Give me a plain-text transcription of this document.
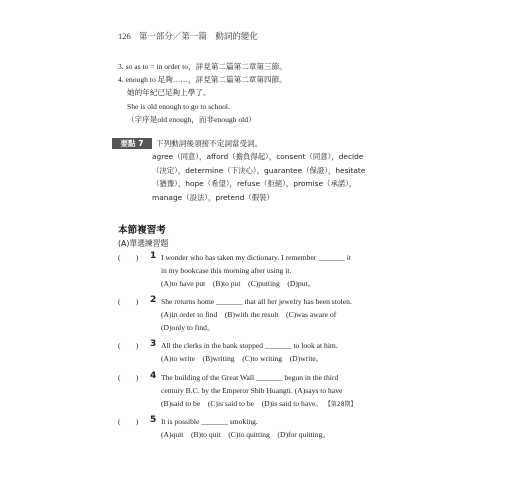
126 第一部分／第一篇　動詞的變化
3. so as to = in order to，詳見第二篇第二章第三節。
4. enough to 足夠……，詳見第二篇第二章第四節。
她的年紀已足夠上學了。
She is old enough to go to school.
（字序是old enough，而非enough old）
要點 7	下列動詞後須接不定詞當受詞。
agree（同意），afford（擔負得起），consent（同意），decide
（決定），determine（下決心），guarantee（保證），hesitate
（猶豫），hope（希望），refuse（拒絕），promise（承諾），
manage（設法），pretend（假裝）
本節複習考
(A)單選練習題
(　　) 1 I wonder who has taken my dictionary. I remember _______ it
in my bookcase this morning after using it.
(A)to have put　(B)to put　(C)putting　(D)put。
(　　) 2 She returns home _______ that all her jewelry has been stolen.
(A)in order to find　(B)with the result　(C)was aware of
(D)only to find。
(　　) 3 All the clerks in the bank stopped _______ to look at him.
(A)to write　(B)writing　(C)to writing　(D)write。
(　　) 4 The building of the Great Wall _______ begun in the third
century B.C. by the Emperor Shih Huangti. (A)says to have
(B)said to be　(C)is said to be　(D)is said to have。 【第28期】
(　　) 5 It is possible _______ smoking.
(A)quit　(B)to quit　(C)to quitting　(D)for quitting。
